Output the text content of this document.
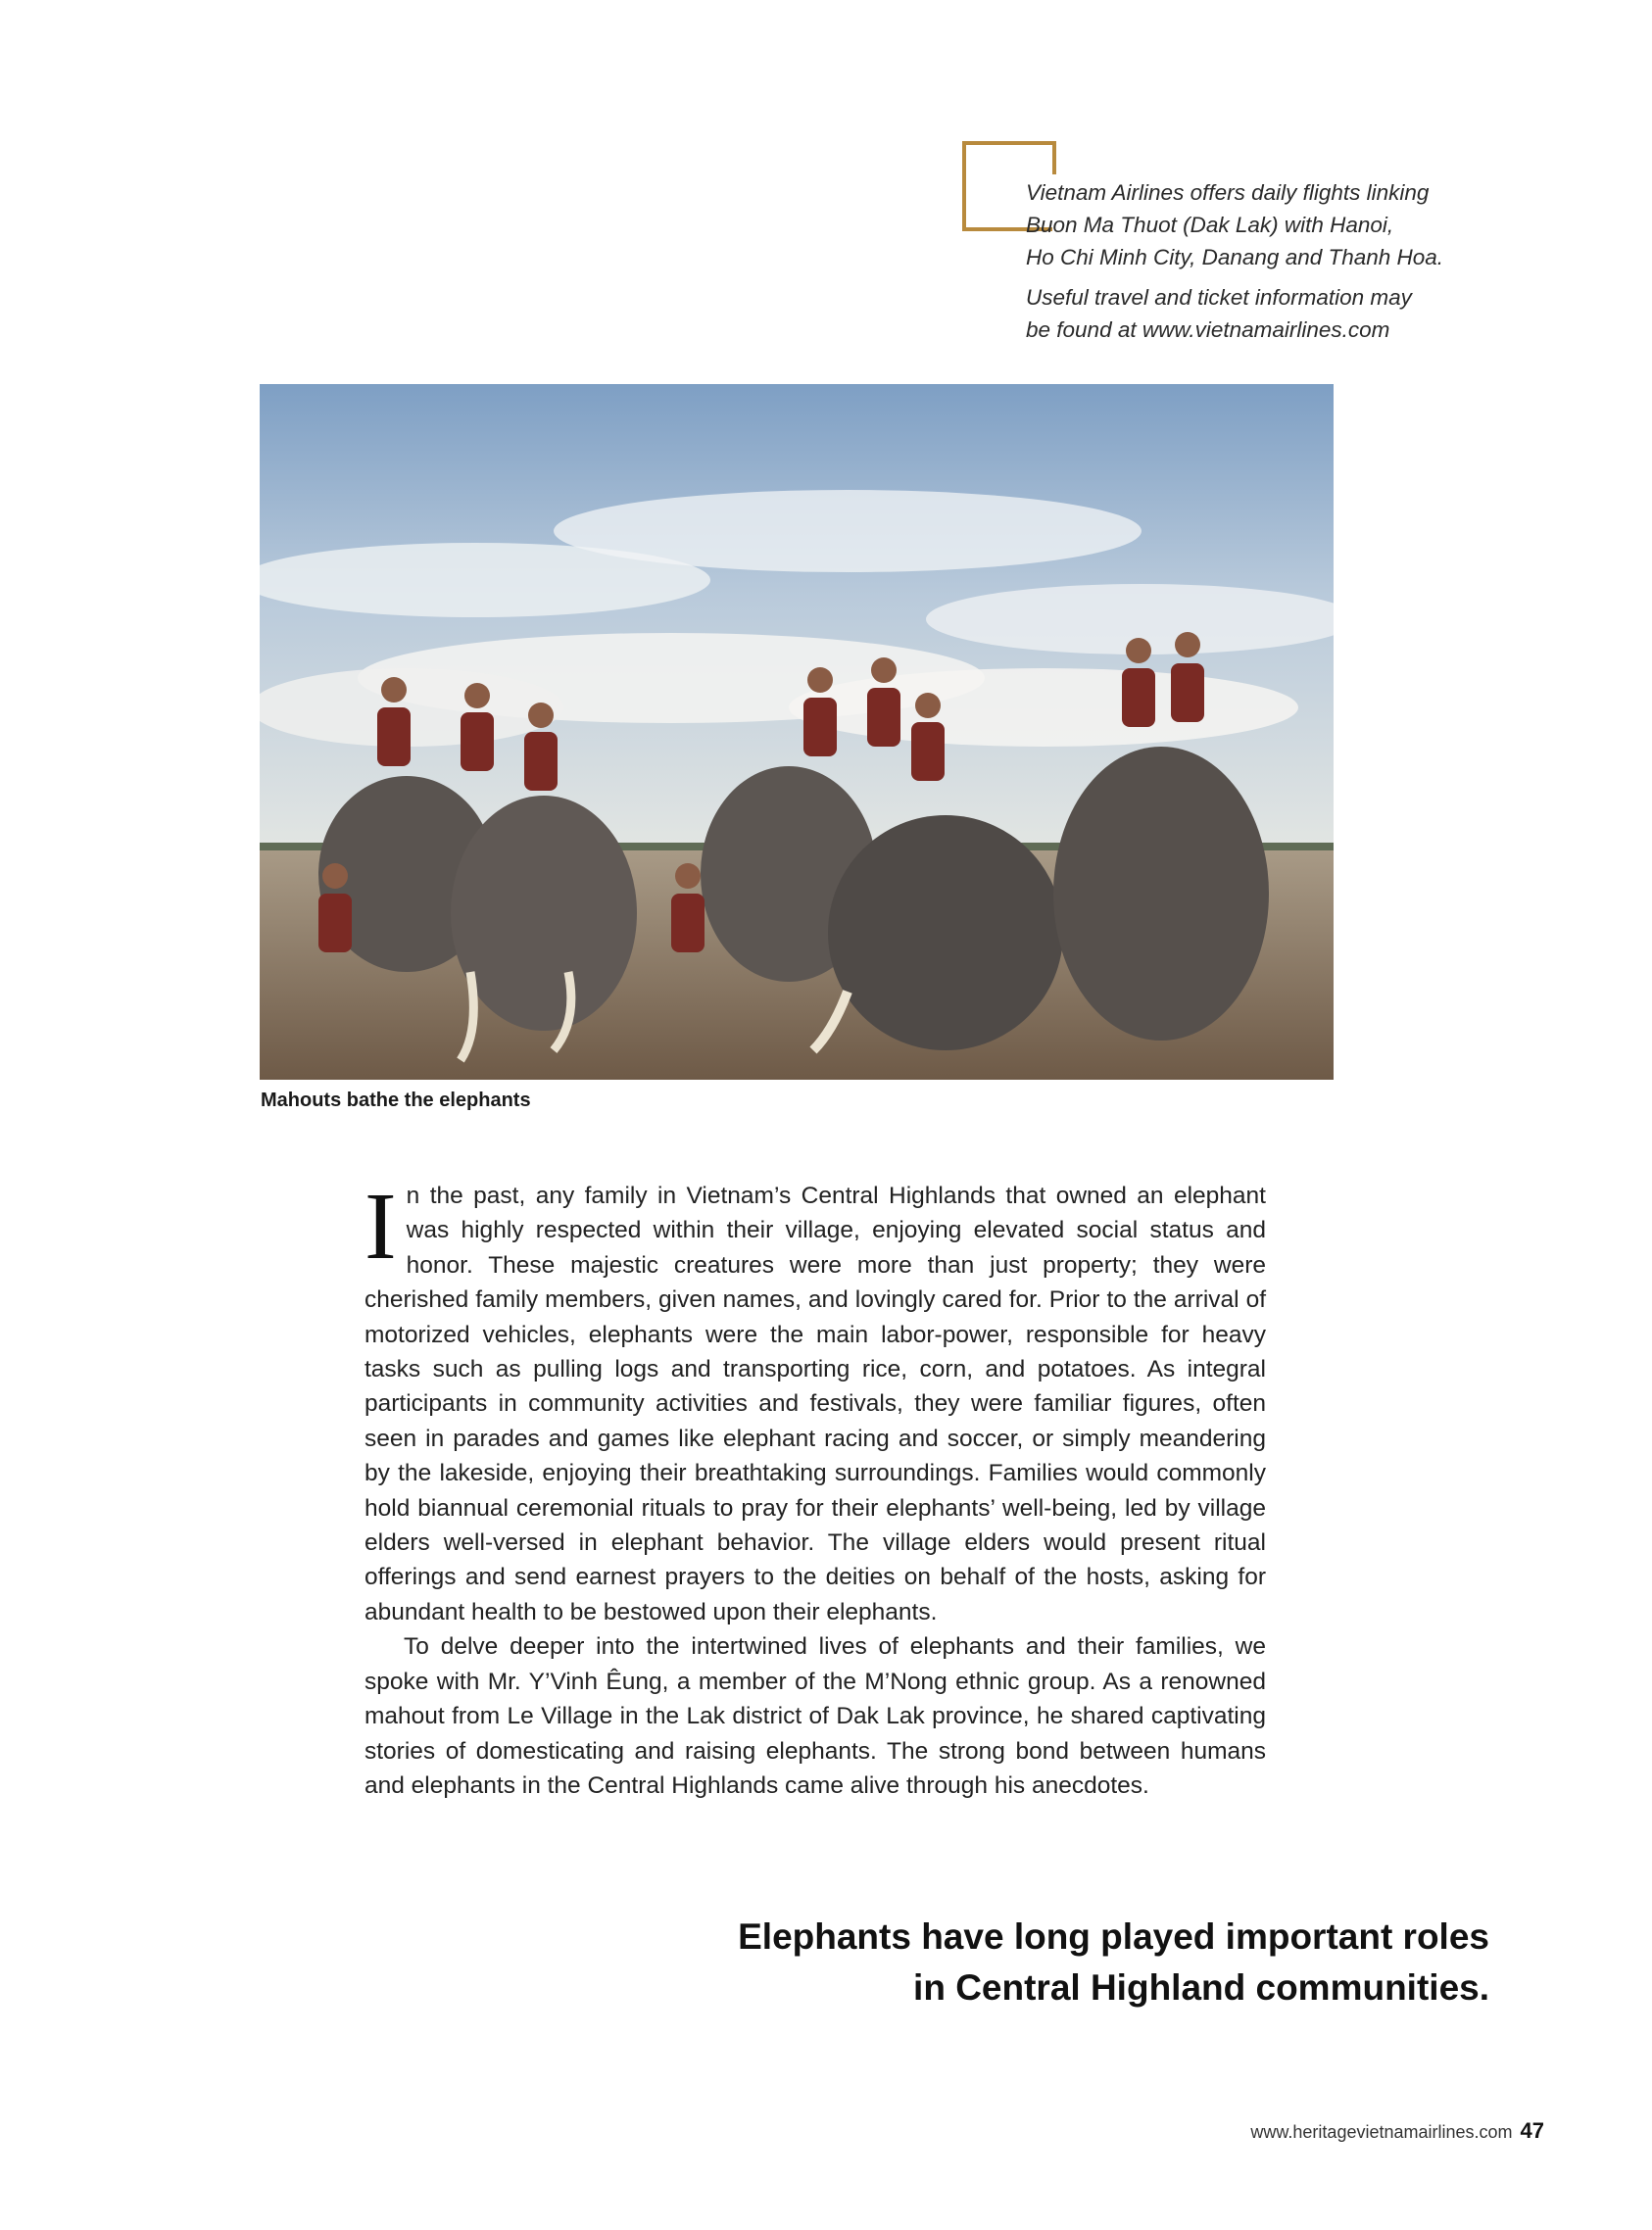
Vietnam Airlines offers daily flights linking
Buon Ma Thuot (Dak Lak) with Hanoi,
Ho Chi Minh City, Danang and Thanh Hoa.

Useful travel and ticket information may
be found at www.vietnamairlines.com

Mahouts bathe the elephants

In the past, any family in Vietnam’s Central Highlands that owned an elephant was highly respected within their village, enjoying elevated social status and honor. These majestic creatures were more than just property; they were cherished family members, given names, and lovingly cared for. Prior to the arrival of motorized vehicles, elephants were the main labor-power, responsible for heavy tasks such as pulling logs and transporting rice, corn, and potatoes. As integral participants in community activities and festivals, they were familiar figures, often seen in parades and games like elephant racing and soccer, or simply meandering by the lakeside, enjoying their breathtaking surroundings. Families would commonly hold biannual ceremonial rituals to pray for their elephants’ well-being, led by village elders well-versed in elephant behavior. The village elders would present ritual offerings and send earnest prayers to the deities on behalf of the hosts, asking for abundant health to be bestowed upon their elephants.

To delve deeper into the intertwined lives of elephants and their families, we spoke with Mr. Y’Vinh Êung, a member of the M’Nong ethnic group. As a renowned mahout from Le Village in the Lak district of Dak Lak province, he shared captivating stories of domesticating and raising elephants. The strong bond between humans and elephants in the Central Highlands came alive through his anecdotes.

Elephants have long played important roles
in Central Highland communities.
www.heritagevietnamairlines.com 47
